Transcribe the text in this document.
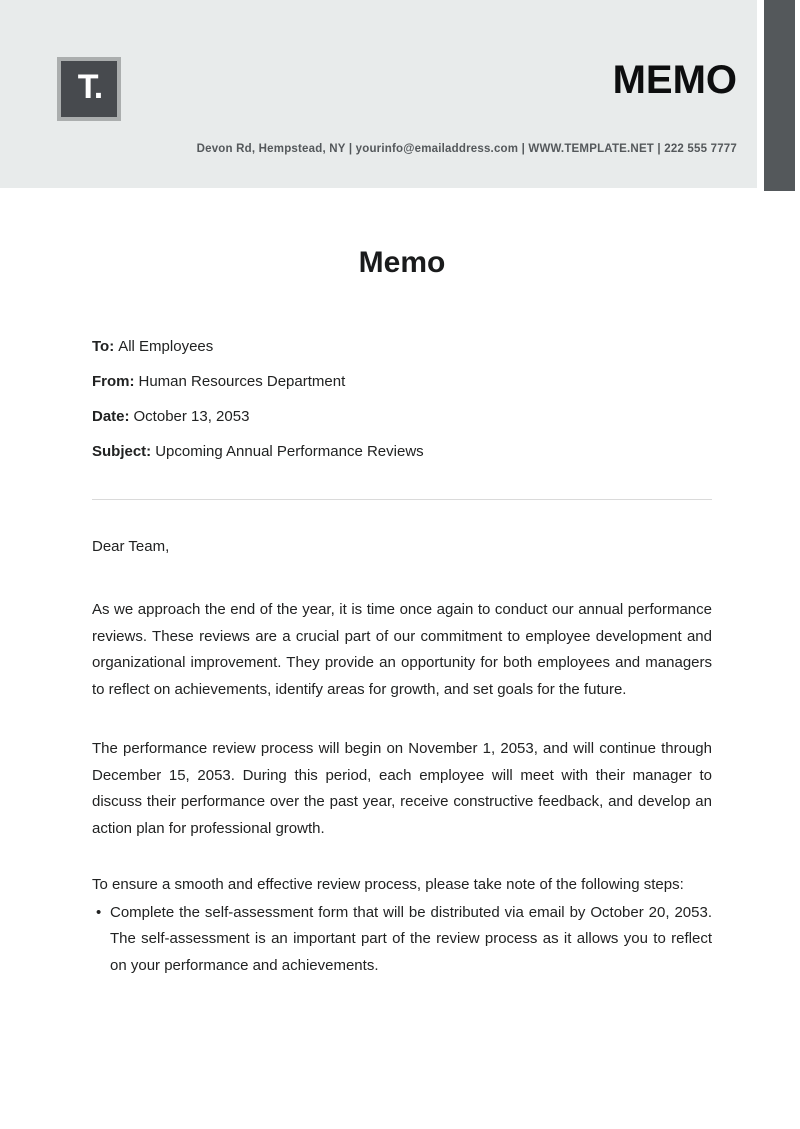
T.	MEMO
Devon Rd, Hempstead, NY | yourinfo@emailaddress.com | WWW.TEMPLATE.NET | 222 555 7777
Memo
To: All Employees
From: Human Resources Department
Date: October 13, 2053
Subject: Upcoming Annual Performance Reviews
Dear Team,

As we approach the end of the year, it is time once again to conduct our annual performance reviews. These reviews are a crucial part of our commitment to employee development and organizational improvement. They provide an opportunity for both employees and managers to reflect on achievements, identify areas for growth, and set goals for the future.

The performance review process will begin on November 1, 2053, and will continue through December 15, 2053. During this period, each employee will meet with their manager to discuss their performance over the past year, receive constructive feedback, and develop an action plan for professional growth.

To ensure a smooth and effective review process, please take note of the following steps:

• Complete the self-assessment form that will be distributed via email by October 20, 2053. The self-assessment is an important part of the review process as it allows you to reflect on your performance and achievements.
